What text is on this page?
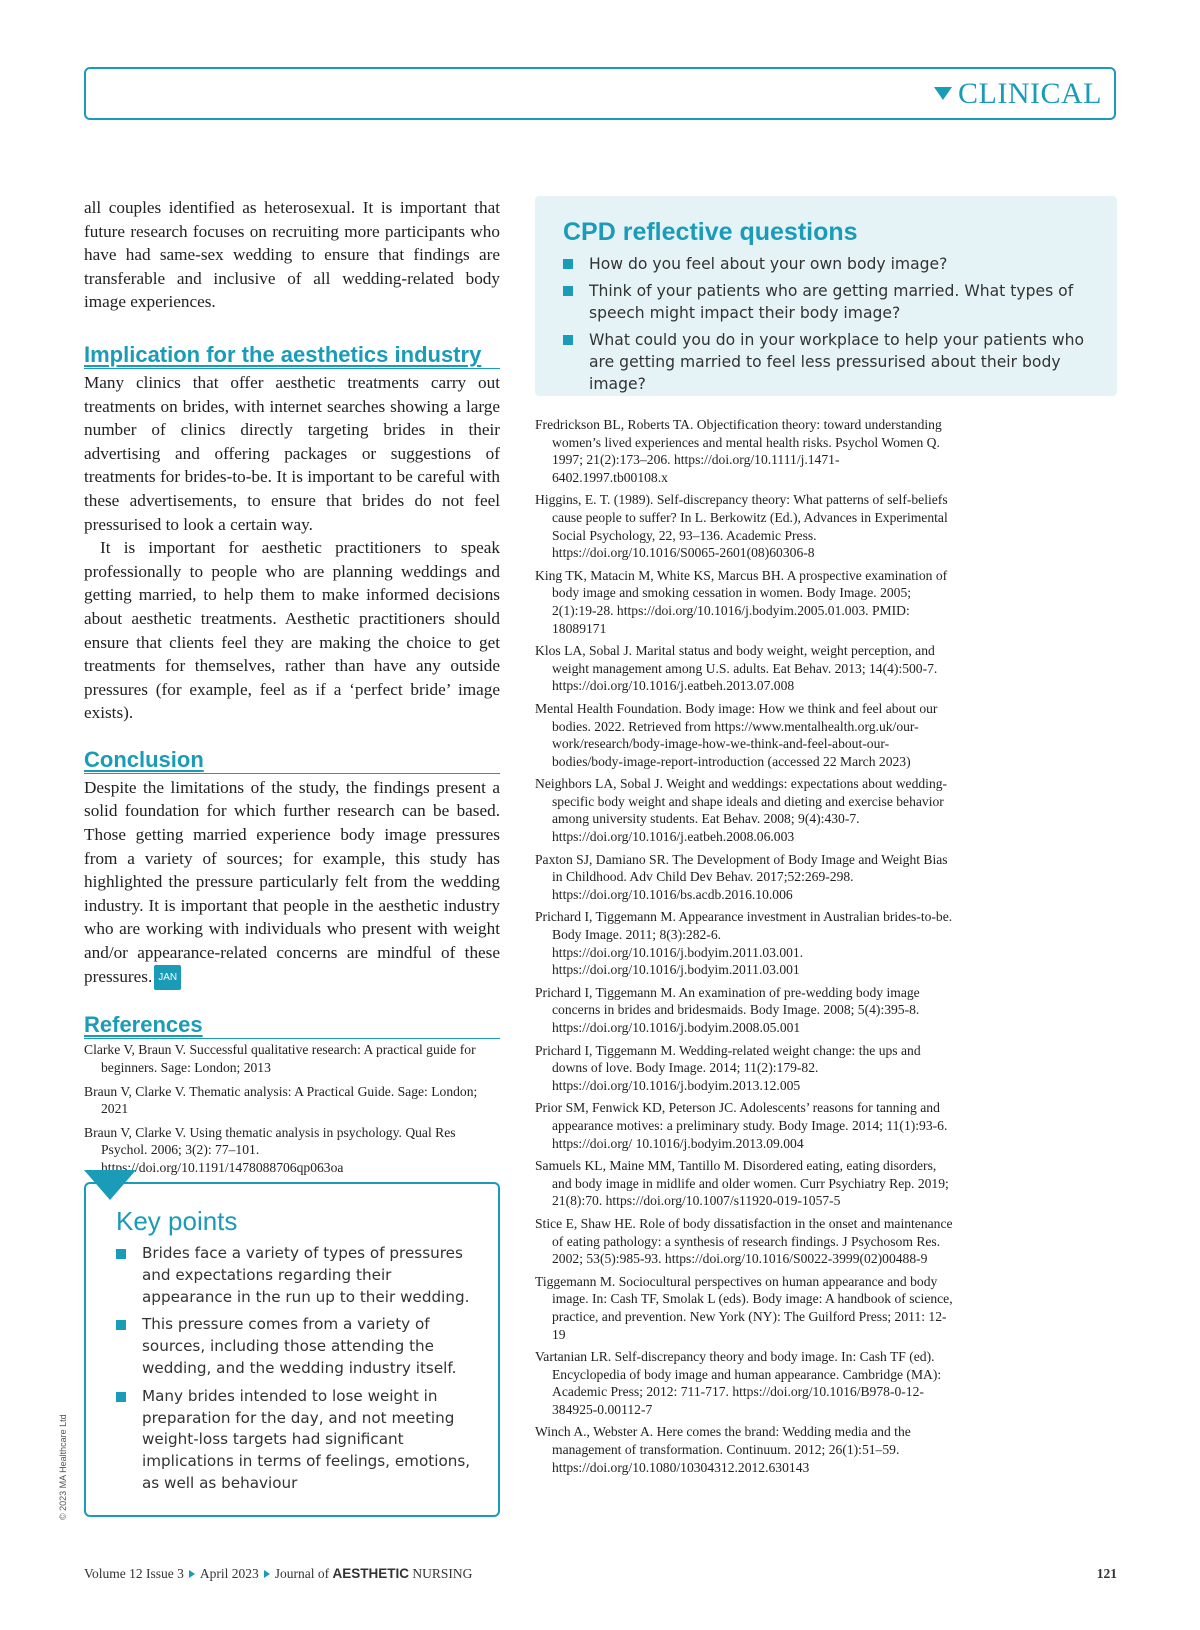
CLINICAL

all couples identified as heterosexual. It is important that future research focuses on recruiting more participants who have had same-sex wedding to ensure that findings are transferable and inclusive of all wedding-related body image experiences.

Implication for the aesthetics industry

Many clinics that offer aesthetic treatments carry out treatments on brides, with internet searches showing a large number of clinics directly targeting brides in their advertising and offering packages or suggestions of treatments for brides-to-be. It is important to be careful with these advertisements, to ensure that brides do not feel pressurised to look a certain way.

It is important for aesthetic practitioners to speak professionally to people who are planning weddings and getting married, to help them to make informed decisions about aesthetic treatments. Aesthetic practitioners should ensure that clients feel they are making the choice to get treatments for themselves, rather than have any outside pressures (for example, feel as if a ‘perfect bride’ image exists).

Conclusion

Despite the limitations of the study, the findings present a solid foundation for which further research can be based. Those getting married experience body image pressures from a variety of sources; for example, this study has highlighted the pressure particularly felt from the wedding industry. It is important that people in the aesthetic industry who are working with individuals who present with weight and/or appearance-related concerns are mindful of these pressures. JAN

References
Clarke V, Braun V. Successful qualitative research: A practical guide for beginners. Sage: London; 2013
Braun V, Clarke V. Thematic analysis: A Practical Guide. Sage: London; 2021
Braun V, Clarke V. Using thematic analysis in psychology. Qual Res Psychol. 2006; 3(2): 77–101. https://doi.org/10.1191/1478088706qp063oa
Key points
Brides face a variety of types of pressures and expectations regarding their appearance in the run up to their wedding.
This pressure comes from a variety of sources, including those attending the wedding, and the wedding industry itself.
Many brides intended to lose weight in preparation for the day, and not meeting weight-loss targets had significant implications in terms of feelings, emotions, as well as behaviour
CPD reflective questions
How do you feel about your own body image?
Think of your patients who are getting married. What types of speech might impact their body image?
What could you do in your workplace to help your patients who are getting married to feel less pressurised about their body image?
Fredrickson BL, Roberts TA. Objectification theory: toward understanding women’s lived experiences and mental health risks. Psychol Women Q. 1997; 21(2):173–206. https://doi.org/10.1111/j.1471-6402.1997.tb00108.x
Higgins, E. T. (1989). Self-discrepancy theory: What patterns of self-beliefs cause people to suffer? In L. Berkowitz (Ed.), Advances in Experimental Social Psychology, 22, 93–136. Academic Press. https://doi.org/10.1016/S0065-2601(08)60306-8
King TK, Matacin M, White KS, Marcus BH. A prospective examination of body image and smoking cessation in women. Body Image. 2005; 2(1):19-28. https://doi.org/10.1016/j.bodyim.2005.01.003. PMID: 18089171
Klos LA, Sobal J. Marital status and body weight, weight perception, and weight management among U.S. adults. Eat Behav. 2013; 14(4):500-7. https://doi.org/10.1016/j.eatbeh.2013.07.008
Mental Health Foundation. Body image: How we think and feel about our bodies. 2022. Retrieved from https://www.mentalhealth.org.uk/our-work/research/body-image-how-we-think-and-feel-about-our-bodies/body-image-report-introduction (accessed 22 March 2023)
Neighbors LA, Sobal J. Weight and weddings: expectations about wedding-specific body weight and shape ideals and dieting and exercise behavior among university students. Eat Behav. 2008; 9(4):430-7. https://doi.org/10.1016/j.eatbeh.2008.06.003
Paxton SJ, Damiano SR. The Development of Body Image and Weight Bias in Childhood. Adv Child Dev Behav. 2017;52:269-298. https://doi.org/10.1016/bs.acdb.2016.10.006
Prichard I, Tiggemann M. Appearance investment in Australian brides-to-be. Body Image. 2011; 8(3):282-6. https://doi.org/10.1016/j.bodyim.2011.03.001. https://doi.org/10.1016/j.bodyim.2011.03.001
Prichard I, Tiggemann M. An examination of pre-wedding body image concerns in brides and bridesmaids. Body Image. 2008; 5(4):395-8. https://doi.org/10.1016/j.bodyim.2008.05.001
Prichard I, Tiggemann M. Wedding-related weight change: the ups and downs of love. Body Image. 2014; 11(2):179-82. https://doi.org/10.1016/j.bodyim.2013.12.005
Prior SM, Fenwick KD, Peterson JC. Adolescents’ reasons for tanning and appearance motives: a preliminary study. Body Image. 2014; 11(1):93-6. https://doi.org/ 10.1016/j.bodyim.2013.09.004
Samuels KL, Maine MM, Tantillo M. Disordered eating, eating disorders, and body image in midlife and older women. Curr Psychiatry Rep. 2019; 21(8):70. https://doi.org/10.1007/s11920-019-1057-5
Stice E, Shaw HE. Role of body dissatisfaction in the onset and maintenance of eating pathology: a synthesis of research findings. J Psychosom Res. 2002; 53(5):985-93. https://doi.org/10.1016/S0022-3999(02)00488-9
Tiggemann M. Sociocultural perspectives on human appearance and body image. In: Cash TF, Smolak L (eds). Body image: A handbook of science, practice, and prevention. New York (NY): The Guilford Press; 2011: 12-19
Vartanian LR. Self-discrepancy theory and body image. In: Cash TF (ed). Encyclopedia of body image and human appearance. Cambridge (MA): Academic Press; 2012: 711-717. https://doi.org/10.1016/B978-0-12-384925-0.00112-7
Winch A., Webster A. Here comes the brand: Wedding media and the management of transformation. Continuum. 2012; 26(1):51–59. https://doi.org/10.1080/10304312.2012.630143
© 2023 MA Healthcare Ltd
Volume 12 Issue 3 April 2023 Journal of AESTHETIC NURSING	121
